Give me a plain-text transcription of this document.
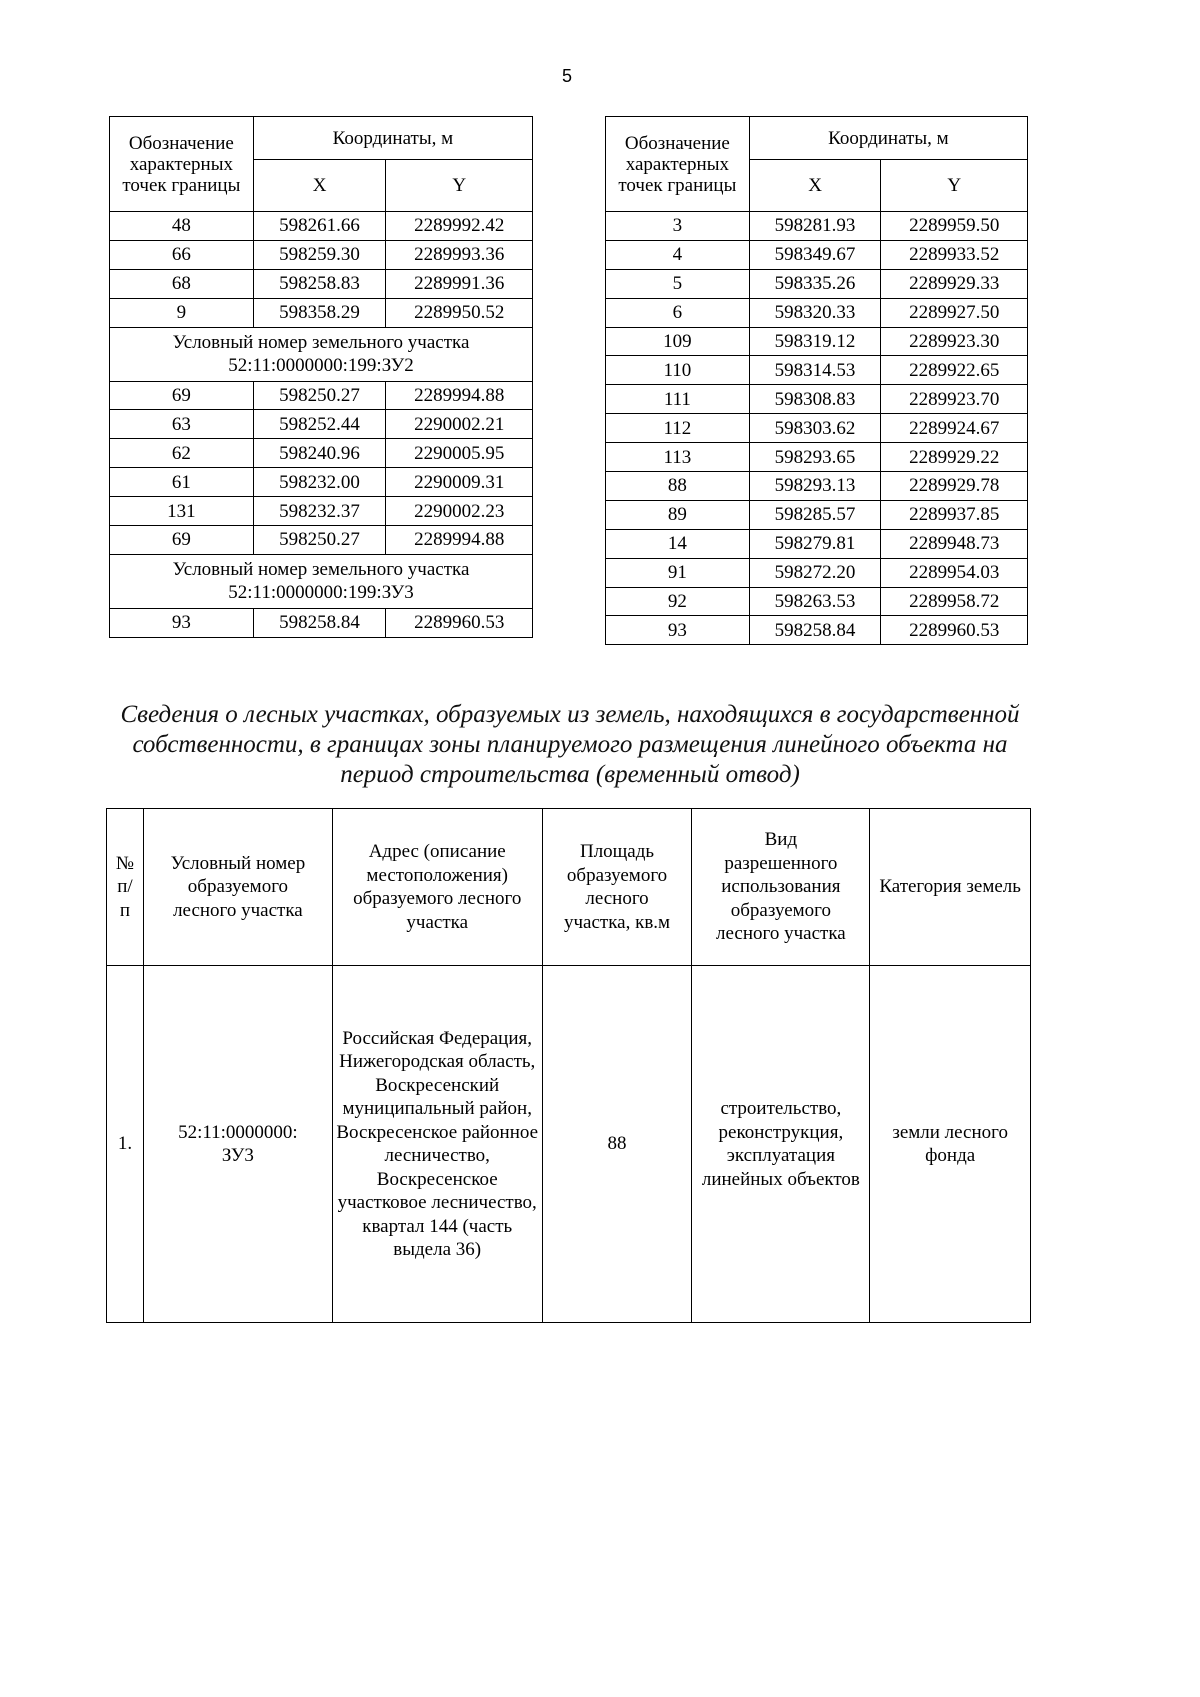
5
Обозначение характерных точек границы	Координаты, м	
	X	Y
48	598261.66	2289992.42
66	598259.30	2289993.36
68	598258.83	2289991.36
9	598358.29	2289950.52
Условный номер земельного участка 52:11:0000000:199:ЗУ2		
69	598250.27	2289994.88
63	598252.44	2290002.21
62	598240.96	2290005.95
61	598232.00	2290009.31
131	598232.37	2290002.23
69	598250.27	2289994.88
Условный номер земельного участка 52:11:0000000:199:ЗУ3		
93	598258.84	2289960.53
Обозначение характерных точек границы	Координаты, м	
	X	Y
3	598281.93	2289959.50
4	598349.67	2289933.52
5	598335.26	2289929.33
6	598320.33	2289927.50
109	598319.12	2289923.30
110	598314.53	2289922.65
111	598308.83	2289923.70
112	598303.62	2289924.67
113	598293.65	2289929.22
88	598293.13	2289929.78
89	598285.57	2289937.85
14	598279.81	2289948.73
91	598272.20	2289954.03
92	598263.53	2289958.72
93	598258.84	2289960.53
Сведения о лесных участках, образуемых из земель, находящихся в государственной собственности, в границах зоны планируемого размещения линейного объекта на период строительства (временный отвод)
№ п/п	Условный номер образуемого лесного участка	Адрес (описание местоположения) образуемого лесного участка	Площадь образуемого лесного участка, кв.м	Вид разрешенного использования образуемого лесного участка	Категория земель
1.	52:11:0000000: ЗУ3	Российская Федерация, Нижегородская область, Воскресенский муниципальный район, Воскресенское районное лесничество, Воскресенское участковое лесничество, квартал 144 (часть выдела 36)	88	строительство, реконструкция, эксплуатация линейных объектов	земли лесного фонда
